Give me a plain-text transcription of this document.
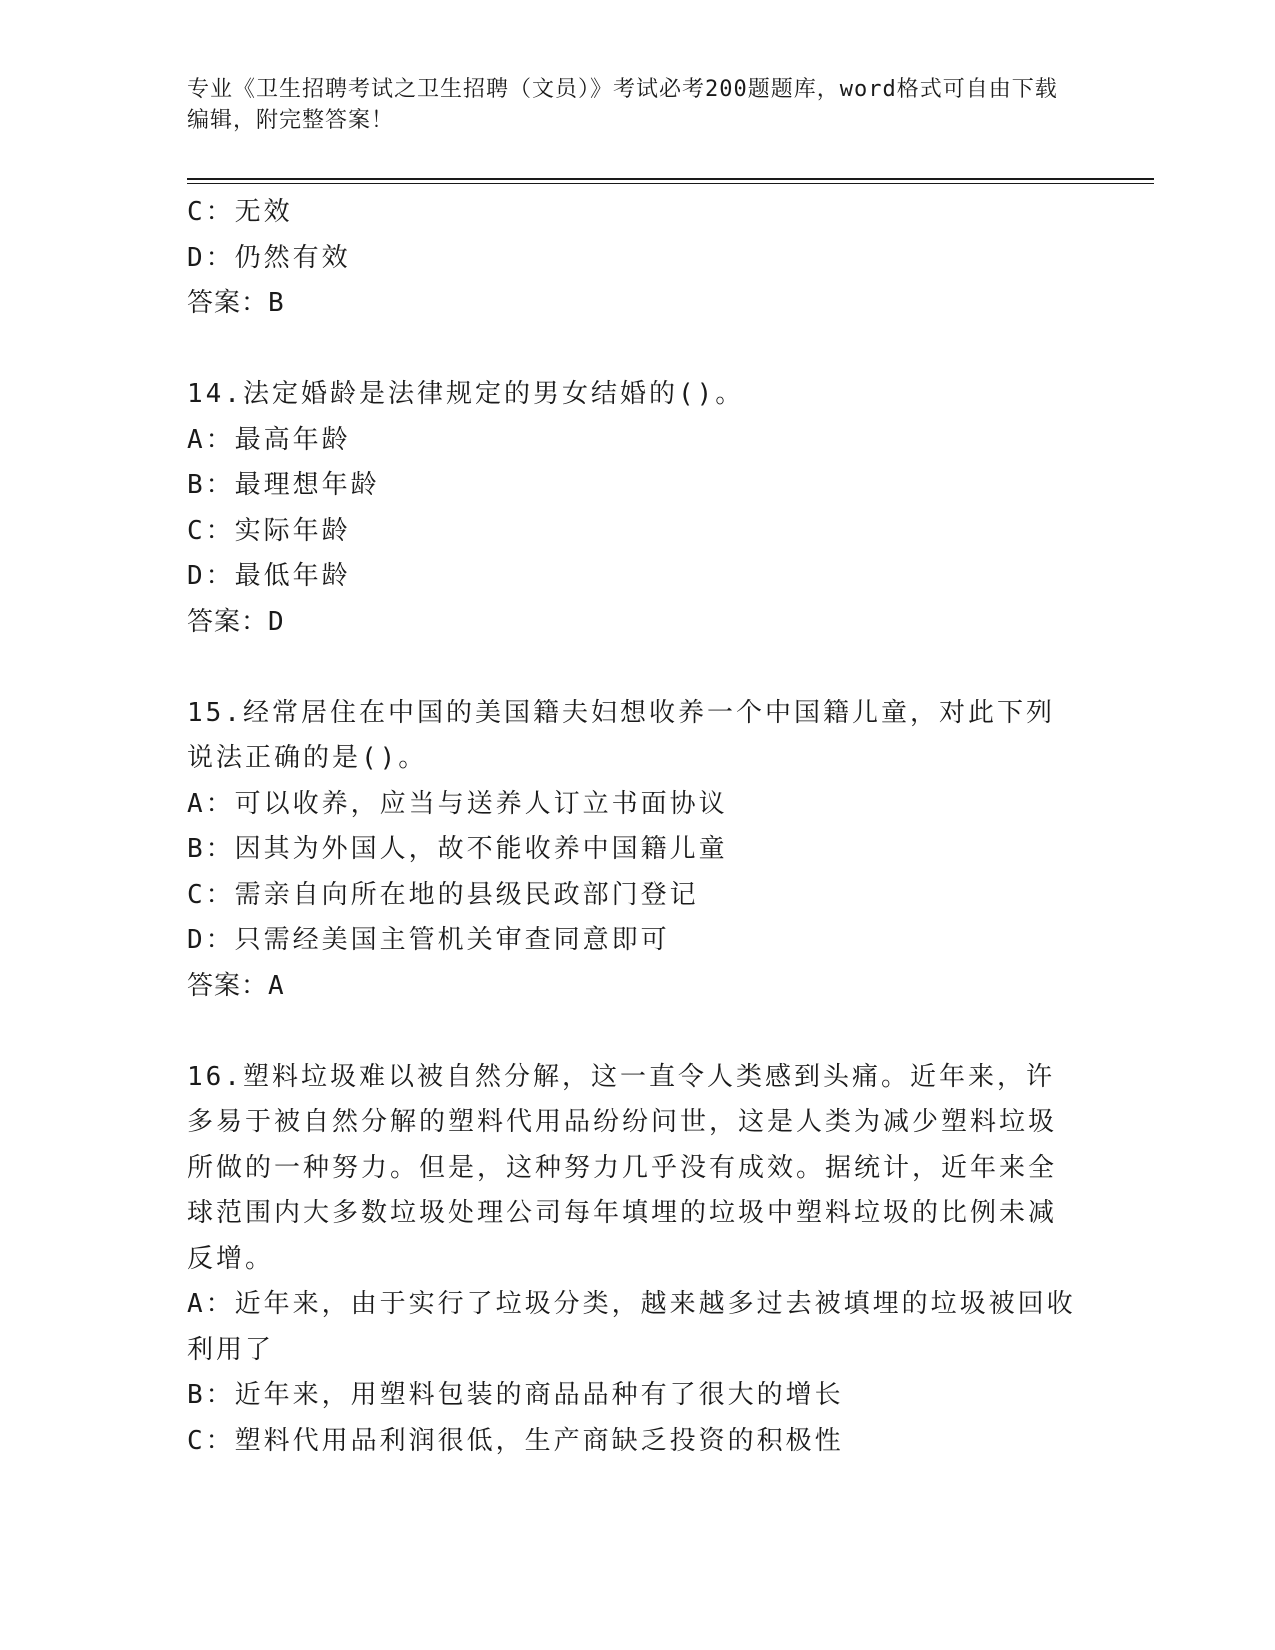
专业《卫生招聘考试之卫生招聘（文员）》考试必考200题题库，word格式可自由下载编辑，附完整答案！
C：无效
D：仍然有效
答案：B
14.法定婚龄是法律规定的男女结婚的()。
A：最高年龄
B：最理想年龄
C：实际年龄
D：最低年龄
答案：D
15.经常居住在中国的美国籍夫妇想收养一个中国籍儿童，对此下列说法正确的是()。
A：可以收养，应当与送养人订立书面协议
B：因其为外国人，故不能收养中国籍儿童
C：需亲自向所在地的县级民政部门登记
D：只需经美国主管机关审查同意即可
答案：A
16.塑料垃圾难以被自然分解，这一直令人类感到头痛。近年来，许多易于被自然分解的塑料代用品纷纷问世，这是人类为减少塑料垃圾所做的一种努力。但是，这种努力几乎没有成效。据统计，近年来全球范围内大多数垃圾处理公司每年填埋的垃圾中塑料垃圾的比例未减反增。
A：近年来，由于实行了垃圾分类，越来越多过去被填埋的垃圾被回收利用了
B：近年来，用塑料包装的商品品种有了很大的增长
C：塑料代用品利润很低，生产商缺乏投资的积极性
